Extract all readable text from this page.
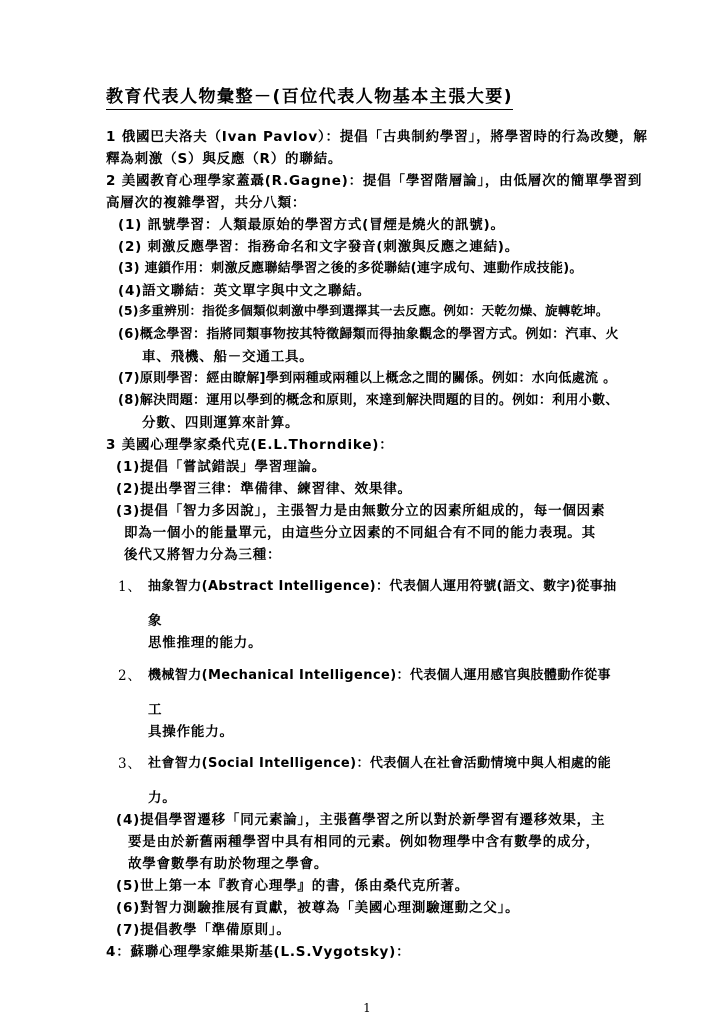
教育代表人物彙整－(百位代表人物基本主張大要)
1 俄國巴夫洛夫（Ivan Pavlov）：提倡「古典制約學習」，將學習時的行為改變，解
釋為刺激（S）與反應（R）的聯結。
2 美國教育心理學家蓋聶(R.Gagne)：提倡「學習階層論」，由低層次的簡單學習到
高層次的複雜學習，共分八類：
(1) 訊號學習：人類最原始的學習方式(冒煙是燒火的訊號)。
(2) 刺激反應學習：指務命名和文字發音(刺激與反應之連結)。
(3) 連鎖作用：刺激反應聯結學習之後的多從聯結(連字成句、連動作成技能)。
(4)語文聯結：英文單字與中文之聯結。
(5)多重辨別：指從多個類似刺激中學到選擇其一去反應。例如：天乾勿燥、旋轉乾坤。
(6)概念學習：指將同類事物按其特徵歸類而得抽象觀念的學習方式。例如：汽車、火
車、飛機、船－交通工具。
(7)原則學習：經由瞭解]學到兩種或兩種以上概念之間的關係。例如：水向低處流 。
(8)解決問題：運用以學到的概念和原則，來達到解決問題的目的。例如：利用小數、
分數、四則運算來計算。
3 美國心理學家桑代克(E.L.Thorndike)：
(1)提倡「嘗試錯誤」學習理論。
(2)提出學習三律：準備律、練習律、效果律。
(3)提倡「智力多因說」，主張智力是由無數分立的因素所組成的，每一個因素
即為一個小的能量單元，由這些分立因素的不同組合有不同的能力表現。其
後代又將智力分為三種：
1、 抽象智力(Abstract Intelligence)：代表個人運用符號(語文、數字)從事抽
象
思惟推理的能力。
2、 機械智力(Mechanical Intelligence)：代表個人運用感官與肢體動作從事
工
具操作能力。
3、 社會智力(Social Intelligence)：代表個人在社會活動情境中與人相處的能
力。
(4)提倡學習遷移「同元素論」，主張舊學習之所以對於新學習有遷移效果，主
要是由於新舊兩種學習中具有相同的元素。例如物理學中含有數學的成分，
故學會數學有助於物理之學會。
(5)世上第一本『教育心理學』的書，係由桑代克所著。
(6)對智力測驗推展有貢獻，被尊為「美國心理測驗運動之父」。
(7)提倡教學「準備原則」。
4：蘇聯心理學家維果斯基(L.S.Vygotsky)：
1
